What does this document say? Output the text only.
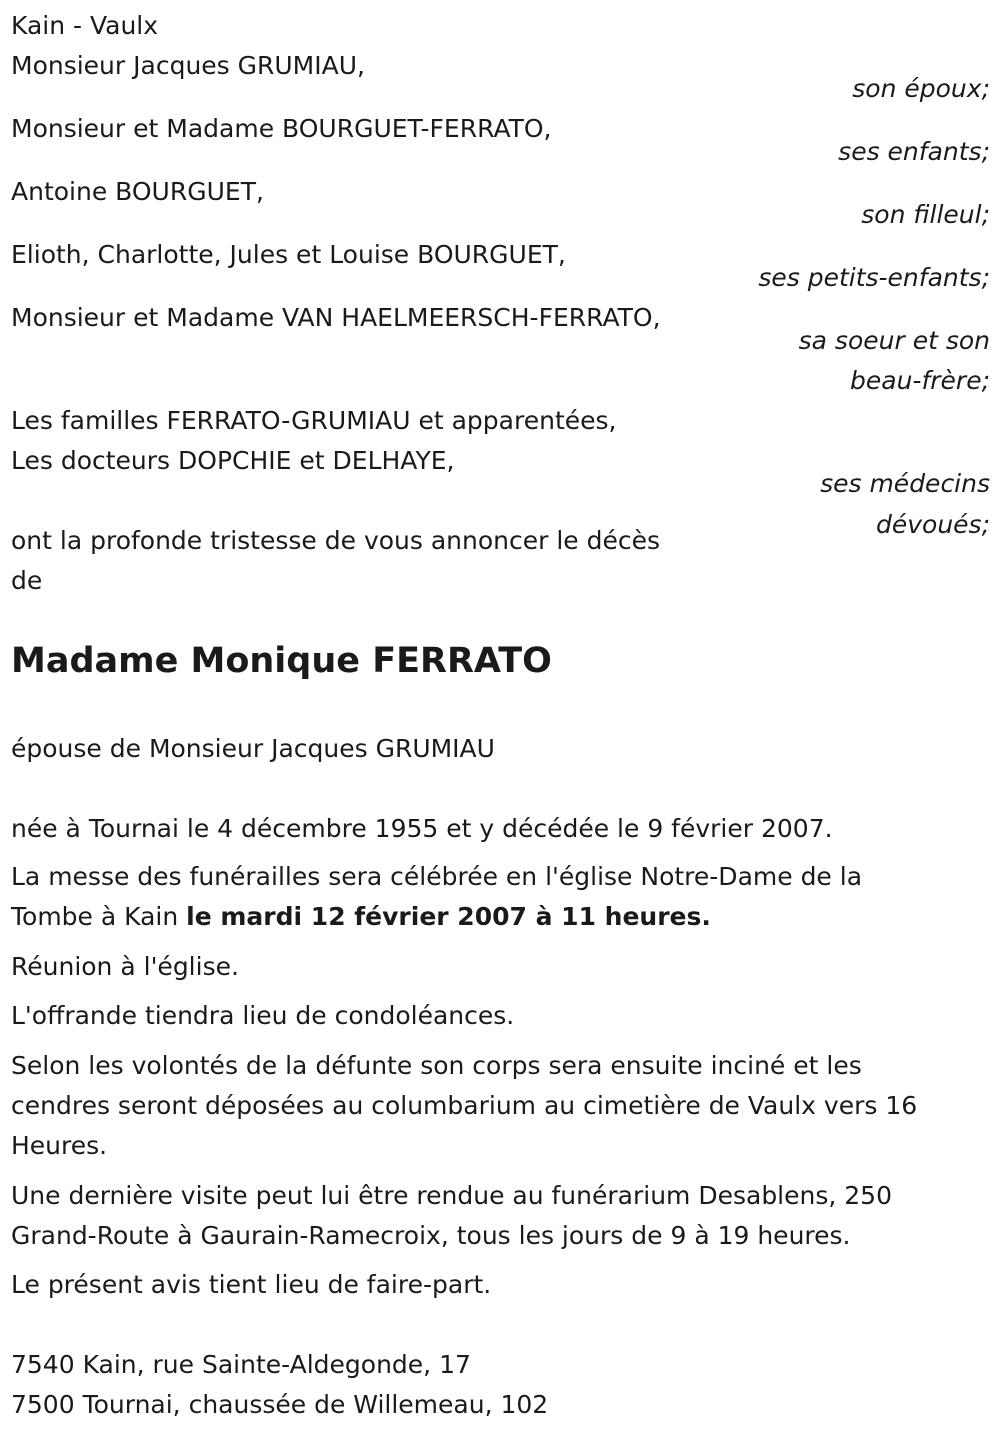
Kain - Vaulx

Monsieur Jacques GRUMIAU,

son époux;

Monsieur et Madame BOURGUET-FERRATO,

ses enfants;

Antoine BOURGUET,

son filleul;

Elioth, Charlotte, Jules et Louise BOURGUET,

ses petits-enfants;

Monsieur et Madame VAN HAELMEERSCH-FERRATO,

sa soeur et son

beau-frère;

Les familles FERRATO-GRUMIAU et apparentées,

Les docteurs DOPCHIE et DELHAYE,

ses médecins

dévoués;

ont la profonde tristesse de vous annoncer le décès

de

Madame Monique FERRATO

épouse de Monsieur Jacques GRUMIAU

née à Tournai le 4 décembre 1955 et y décédée le 9 février 2007.

La messe des funérailles sera célébrée en l'église Notre-Dame de la

Tombe à Kain le mardi 12 février 2007 à 11 heures.

Réunion à l'église.

L'offrande tiendra lieu de condoléances.

Selon les volontés de la défunte son corps sera ensuite inciné et les

cendres seront déposées au columbarium au cimetière de Vaulx vers 16

Heures.

Une dernière visite peut lui être rendue au funérarium Desablens, 250

Grand-Route à Gaurain-Ramecroix, tous les jours de 9 à 19 heures.

Le présent avis tient lieu de faire-part.

7540 Kain, rue Sainte-Aldegonde, 17

7500 Tournai, chaussée de Willemeau, 102
